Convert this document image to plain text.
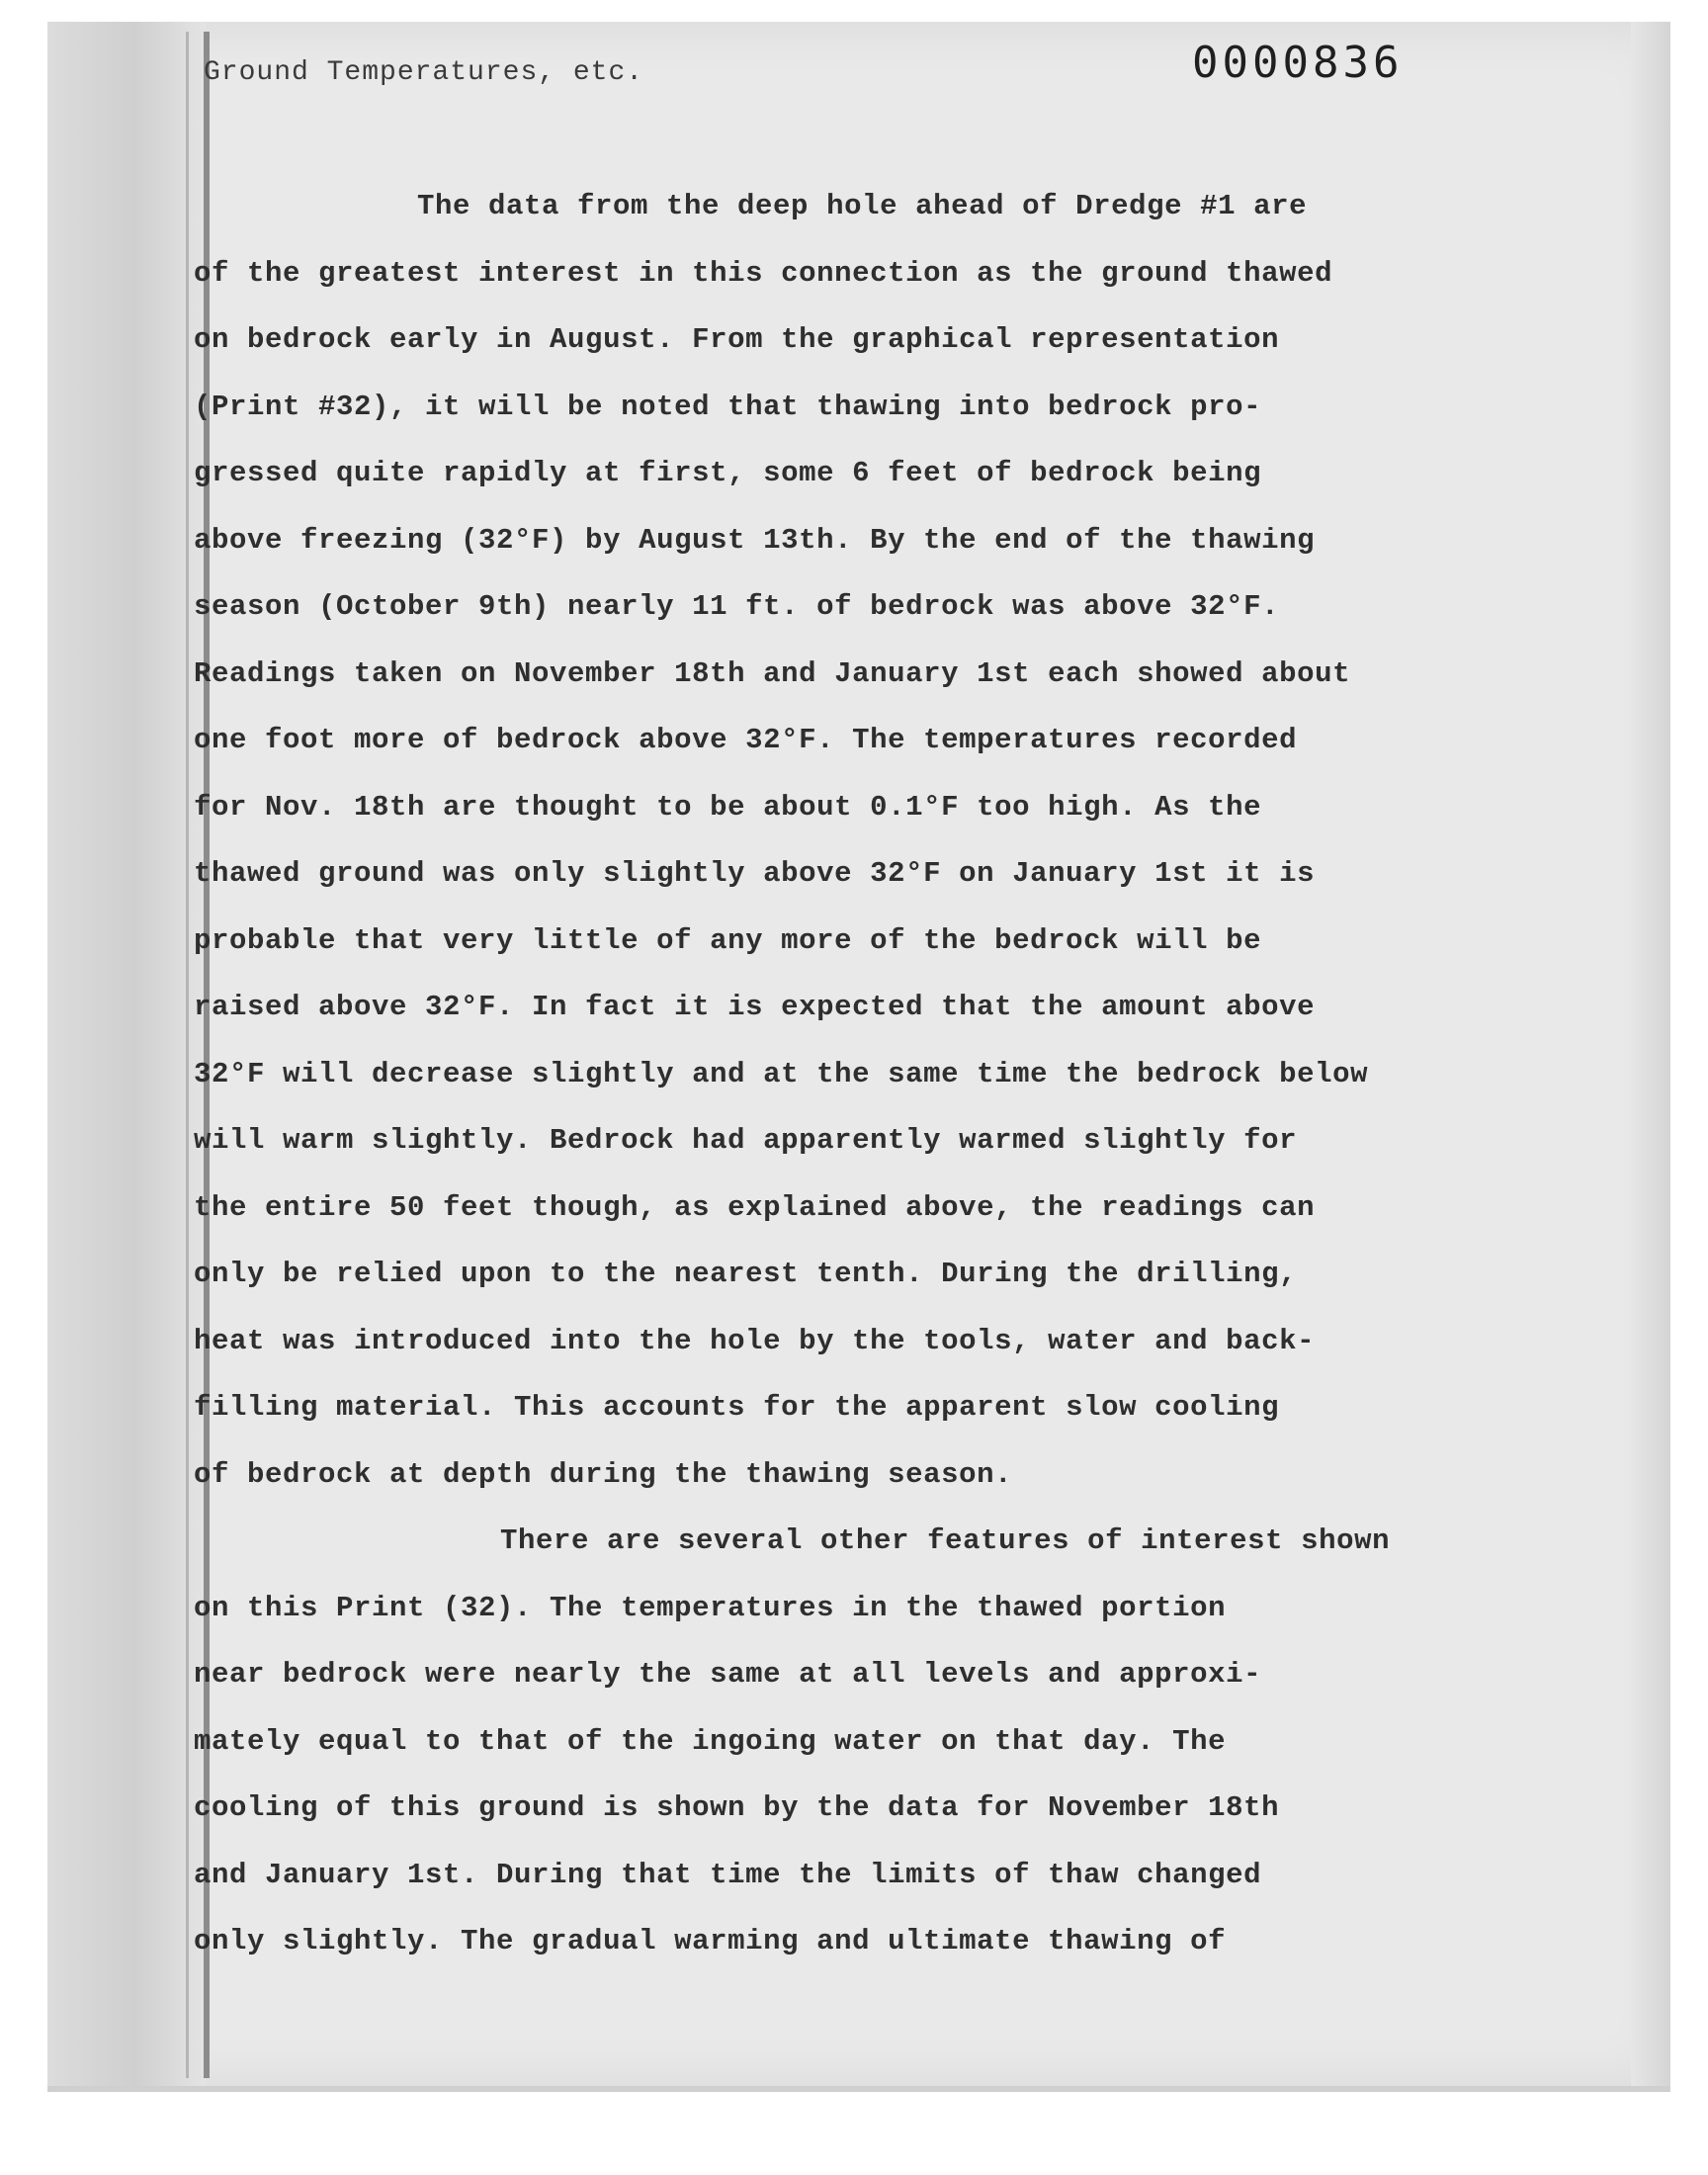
Ground Temperatures, etc.	0000836
The data from the deep hole ahead of Dredge #1 are
of the greatest interest in this connection as the ground thawed
on bedrock early in August. From the graphical representation
(Print #32), it will be noted that thawing into bedrock pro-
gressed quite rapidly at first, some 6 feet of bedrock being
above freezing (32°F) by August 13th. By the end of the thawing
season (October 9th) nearly 11 ft. of bedrock was above 32°F.
Readings taken on November 18th and January 1st each showed about
one foot more of bedrock above 32°F. The temperatures recorded
for Nov. 18th are thought to be about 0.1°F too high. As the
thawed ground was only slightly above 32°F on January 1st it is
probable that very little of any more of the bedrock will be
raised above 32°F. In fact it is expected that the amount above
32°F will decrease slightly and at the same time the bedrock below
will warm slightly. Bedrock had apparently warmed slightly for
the entire 50 feet though, as explained above, the readings can
only be relied upon to the nearest tenth. During the drilling,
heat was introduced into the hole by the tools, water and back-
filling material. This accounts for the apparent slow cooling
of bedrock at depth during the thawing season.
There are several other features of interest shown
on this Print (32). The temperatures in the thawed portion
near bedrock were nearly the same at all levels and approxi-
mately equal to that of the ingoing water on that day. The
cooling of this ground is shown by the data for November 18th
and January 1st. During that time the limits of thaw changed
only slightly. The gradual warming and ultimate thawing of
